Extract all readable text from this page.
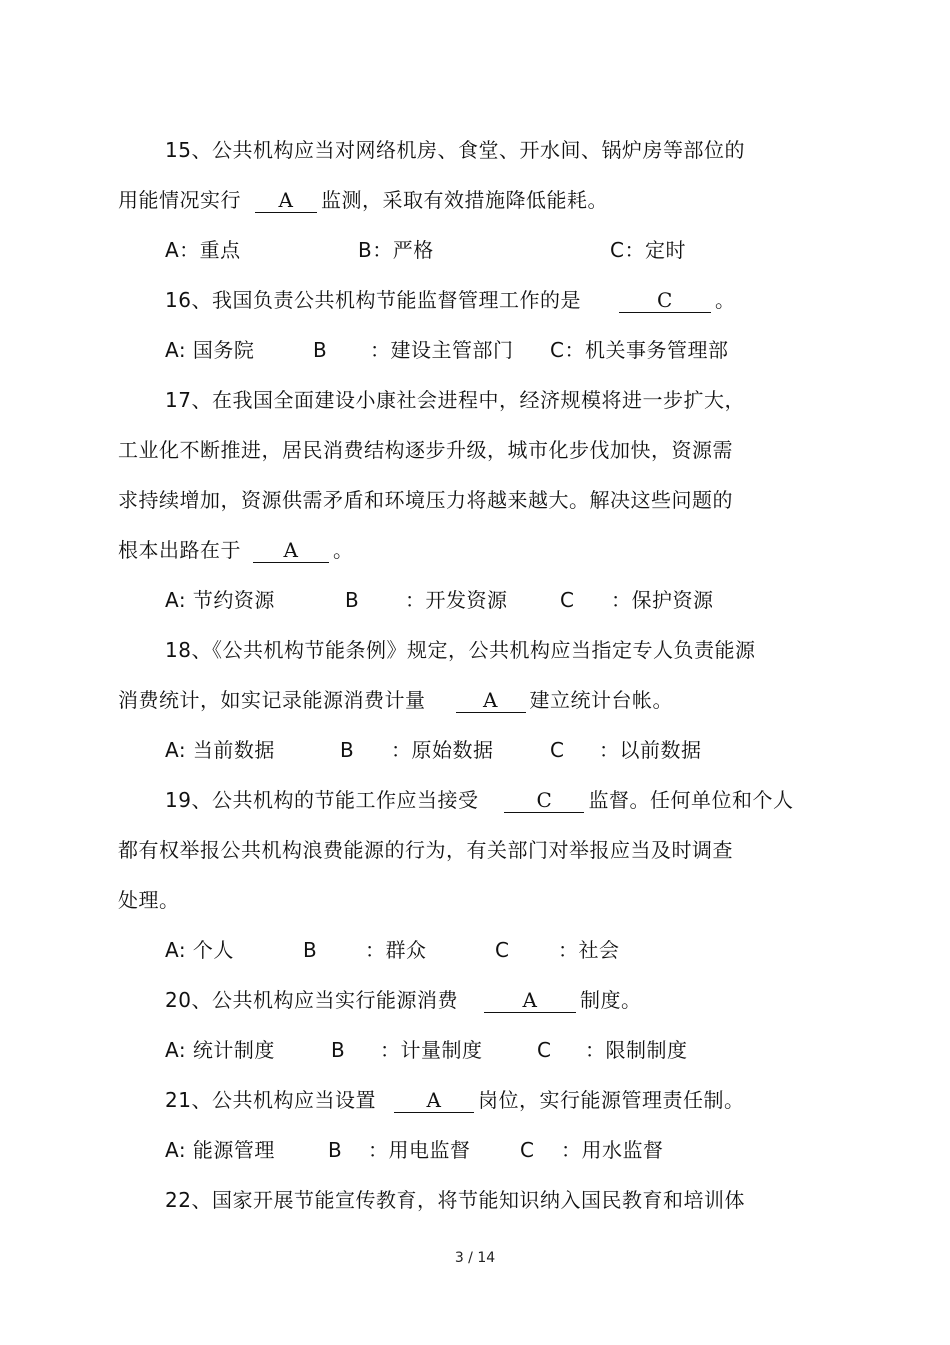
15、公共机构应当对网络机房、食堂、开水间、锅炉房等部位的
用能情况实行 A 监测，采取有效措施降低能耗。
A：重点	B：严格	C：定时
16、我国负责公共机构节能监督管理工作的是	C 。
A: 国务院	B ：建设主管部门 C：机关事务管理部
17、在我国全面建设小康社会进程中，经济规模将进一步扩大，
工业化不断推进，居民消费结构逐步升级，城市化步伐加快，资源需
求持续增加，资源供需矛盾和环境压力将越来越大。解决这些问题的
根本出路在于 A 。
A: 节约资源	B ：开发资源	C ：保护资源
18、《公共机构节能条例》规定，公共机构应当指定专人负责能源
消费统计，如实记录能源消费计量	A 建立统计台帐。
A: 当前数据	B ：原始数据	C ：以前数据
19、公共机构的节能工作应当接受	C 监督。任何单位和个人
都有权举报公共机构浪费能源的行为，有关部门对举报应当及时调查
处理。
A: 个人	B ：群众	C ：社会
20、公共机构应当实行能源消费	A 制度。
A: 统计制度	B ：计量制度	C ：限制制度
21、公共机构应当设置	A 岗位，实行能源管理责任制。
A: 能源管理	B ：用电监督 C ：用水监督
22、国家开展节能宣传教育，将节能知识纳入国民教育和培训体
3 / 14
